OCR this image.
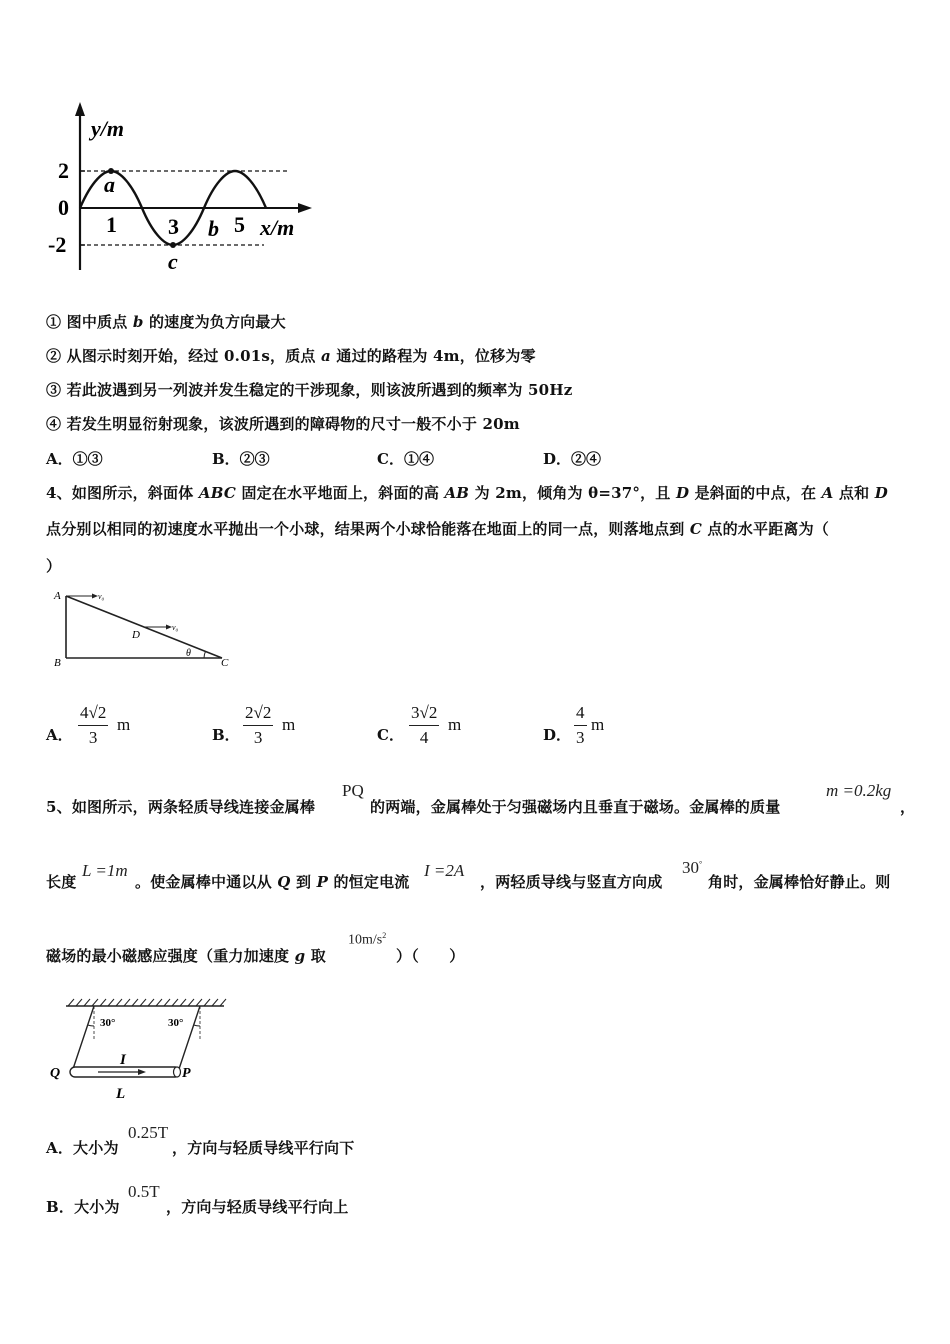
y/m
2
0
-2
a
1 3 b 5 x/m
c
① 图中质点 b 的速度为负方向最大
② 从图示时刻开始，经过 0.01s，质点 a 通过的路程为 4m，位移为零
③ 若此波遇到另一列波并发生稳定的干涉现象，则该波所遇到的频率为 50Hz
④ 若发生明显衍射现象，该波所遇到的障碍物的尺寸一般不小于 20m
A．①③	B．②③	C．①④	D．②④
4、如图所示，斜面体 ABC 固定在水平地面上，斜面的高 AB 为 2m，倾角为 θ=37°，且 D 是斜面的中点，在 A 点和 D
点分别以相同的初速度水平抛出一个小球，结果两个小球恰能落在地面上的同一点，则落地点到 C 点的水平距离为（
）
A	v₀
D
v₀
B
θ
C
A． $\frac{4√2}{3}$ m
B． $\frac{2√2}{3}$ m
C． $\frac{3√2}{4}$ m
D． $\frac{4}{3}$ m
5、如图所示，两条轻质导线连接金属棒
PQ
的两端，金属棒处于匀强磁场内且垂直于磁场。金属棒的质量
m =0.2kg
，
长度
L =1m
。使金属棒中通以从 Q 到 P 的恒定电流
I =2A
，两轻质导线与竖直方向成
30°
角时，金属棒恰好静止。则
磁场的最小磁感应强度（重力加速度 g 取
$10m/s^2$
）（　　）
30°	30°
I
Q	P
L
A．大小为
0.25T
，方向与轻质导线平行向下
B．大小为
0.5T
，方向与轻质导线平行向上
